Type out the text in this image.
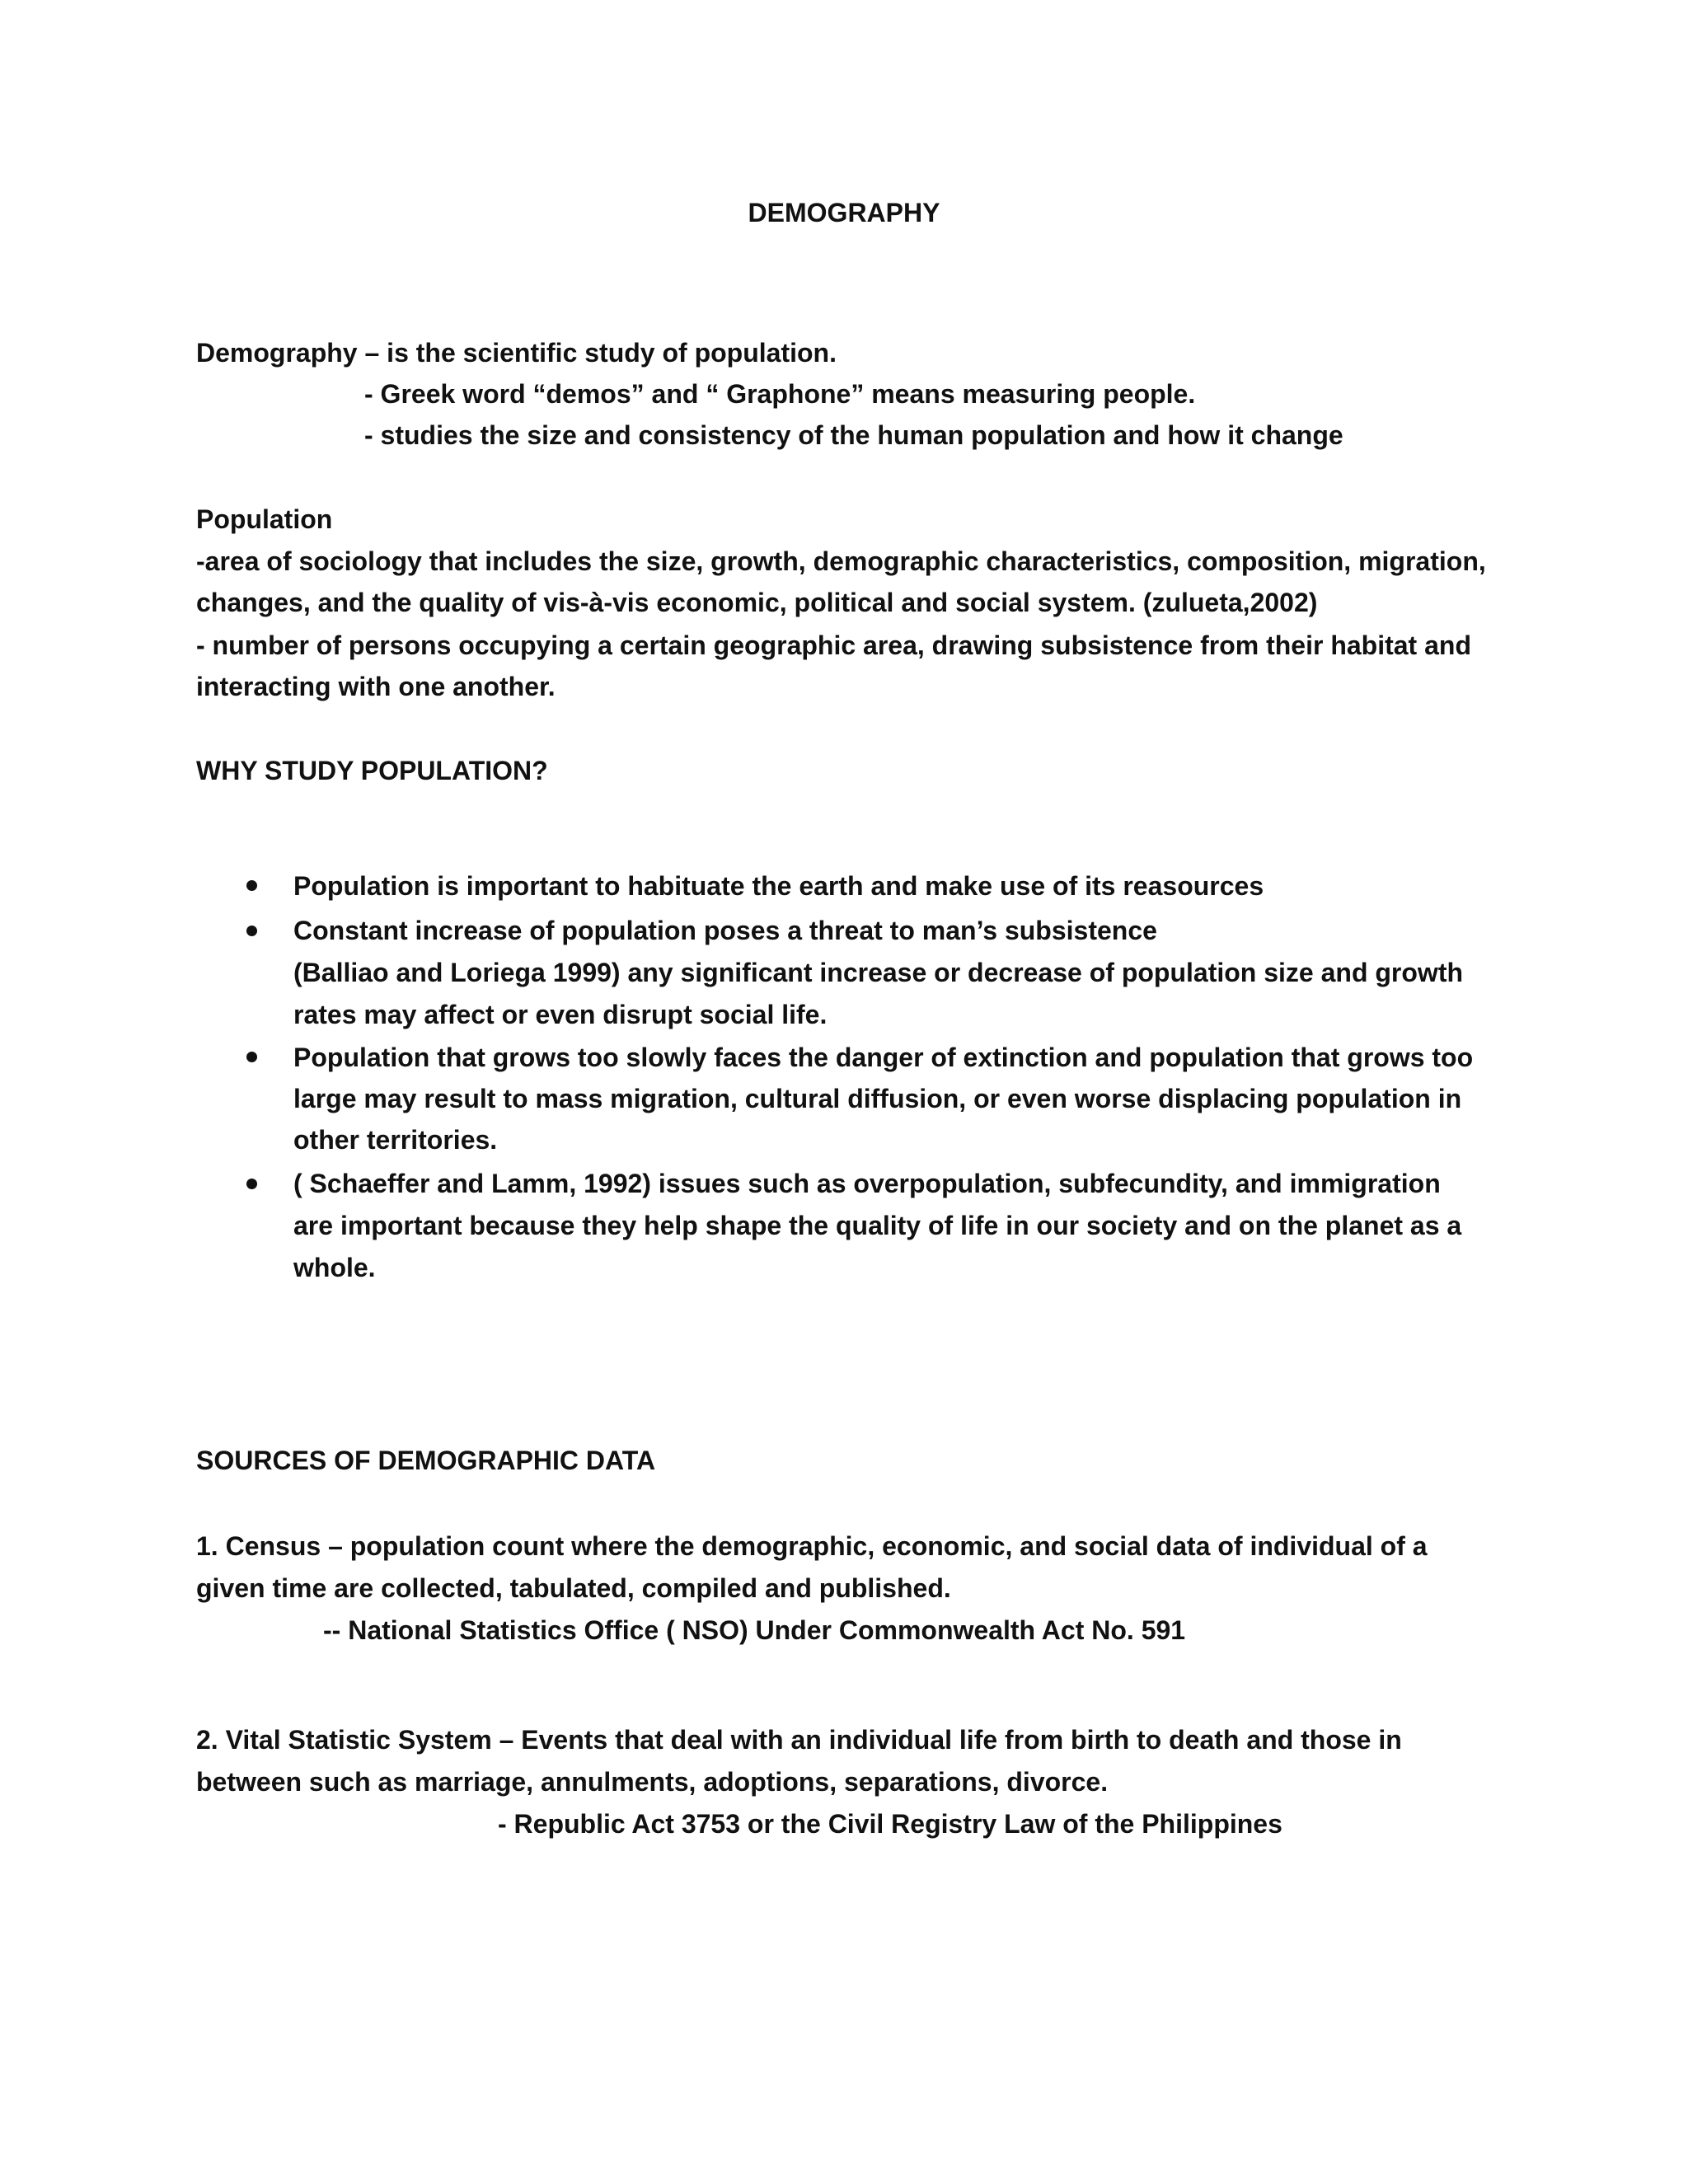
DEMOGRAPHY
Demography – is the scientific study of population.
- Greek word “demos” and “ Graphone” means measuring people.
- studies the size and consistency of the human population and how it change
Population
-area of sociology that includes the size, growth, demographic characteristics, composition, migration,
changes, and the quality of vis-à-vis economic, political and social system. (zulueta,2002)
- number of persons occupying a certain geographic area, drawing subsistence from their habitat and
interacting with one another.
WHY STUDY POPULATION?
Population is important to habituate the earth and make use of its reasources
Constant increase of population poses a threat to man’s subsistence
(Balliao and Loriega 1999) any significant increase or decrease of population size and growth
rates may affect or even disrupt social life.
Population that grows too slowly faces the danger of extinction and population that grows too
large may result to mass migration, cultural diffusion, or even worse displacing population in
other territories.
( Schaeffer and Lamm, 1992) issues such as overpopulation, subfecundity, and immigration
are important because they help shape the quality of life in our society and on the planet as a
whole.
SOURCES OF DEMOGRAPHIC DATA
1. Census – population count where the demographic, economic, and social data of individual of a
given time are collected, tabulated, compiled and published.
-- National Statistics Office ( NSO) Under Commonwealth Act No. 591
2. Vital Statistic System – Events that deal with an individual life from birth to death and those in
between such as marriage, annulments, adoptions, separations, divorce.
- Republic Act 3753 or the Civil Registry Law of the Philippines
